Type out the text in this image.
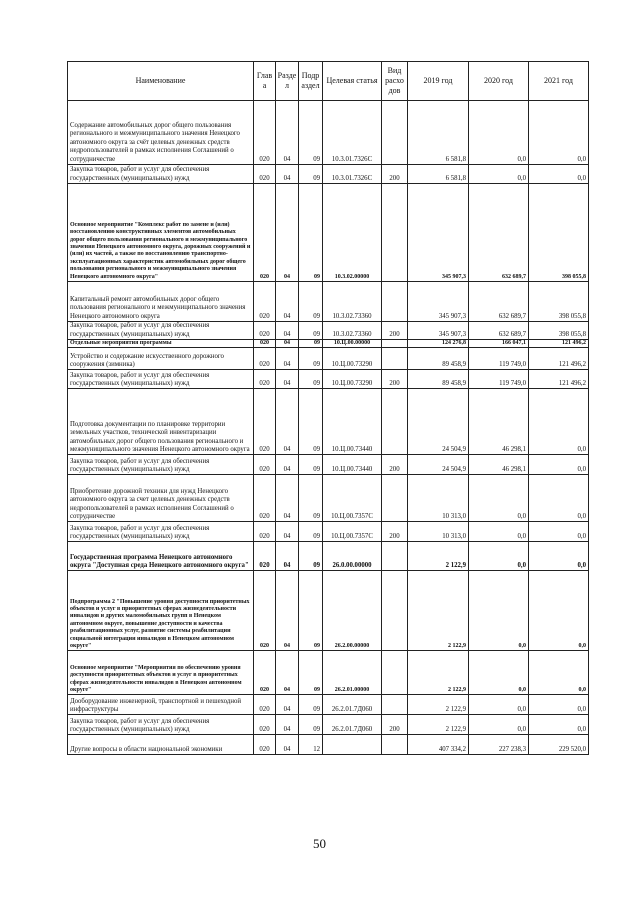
Наименование	Глав а	Разде л	Подр аздел	Целевая статья	Вид расхо дов	2019 год	2020 год	2021 год
Содержание автомобильных дорог общего пользования регионального и межмуниципального значения Ненецкого автономного округа за счёт целевых денежных средств недропользователей в рамках исполнения Соглашений о сотрудничестве	020	04	09	10.3.01.7326С		6 581,8	0,0	0,0
Закупка товаров, работ и услуг для обеспечения государственных (муниципальных) нужд	020	04	09	10.3.01.7326С	200	6 581,8	0,0	0,0
Основное мероприятие "Комплекс работ по замене и (или) восстановлению конструктивных элементов автомобильных дорог общего пользования регионального и межмуниципального значения Ненецкого автономного округа, дорожных сооружений и (или) их частей, а также по восстановлению транспортно-эксплуатационных характеристик автомобильных дорог общего пользования регионального и межмуниципального значения Ненецкого автономного округа"	020	04	09	10.3.02.00000		345 907,3	632 689,7	398 055,8
Капитальный ремонт автомобильных дорог общего пользования регионального и межмуниципального значения Ненецкого автономного округа	020	04	09	10.3.02.73360		345 907,3	632 689,7	398 055,8
Закупка товаров, работ и услуг для обеспечения государственных (муниципальных) нужд	020	04	09	10.3.02.73360	200	345 907,3	632 689,7	398 055,8
Отдельные мероприятия программы	020	04	09	10.Ц.00.00000		124 276,8	166 047,1	121 496,2
Устройство и содержание искусственного дорожного сооружения (зимника)	020	04	09	10.Ц.00.73290		89 458,9	119 749,0	121 496,2
Закупка товаров, работ и услуг для обеспечения государственных (муниципальных) нужд	020	04	09	10.Ц.00.73290	200	89 458,9	119 749,0	121 496,2
Подготовка документации по планировке территории земельных участков, технической инвентаризации автомобильных дорог общего пользования регионального и межмуниципального значения Ненецкого автономного округа	020	04	09	10.Ц.00.73440		24 504,9	46 298,1	0,0
Закупка товаров, работ и услуг для обеспечения государственных (муниципальных) нужд	020	04	09	10.Ц.00.73440	200	24 504,9	46 298,1	0,0
Приобретение дорожной техники для нужд Ненецкого автономного округа за счет целевых денежных средств недропользователей в рамках исполнения Соглашений о сотрудничестве	020	04	09	10.Ц.00.7357С		10 313,0	0,0	0,0
Закупка товаров, работ и услуг для обеспечения государственных (муниципальных) нужд	020	04	09	10.Ц.00.7357С	200	10 313,0	0,0	0,0
Государственная программа Ненецкого автономного округа "Доступная среда Ненецкого автономного округа"	020	04	09	26.0.00.00000		2 122,9	0,0	0,0
Подпрограмма 2 "Повышение уровня доступности приоритетных объектов и услуг в приоритетных сферах жизнедеятельности инвалидов и других маломобильных групп в Ненецком автономном округе, повышение доступности и качества реабилитационных услуг, развитие системы реабилитации социальной интеграции инвалидов в Ненецком автономном округе"	020	04	09	26.2.00.00000		2 122,9	0,0	0,0
Основное мероприятие "Мероприятия по обеспечению уровня доступности приоритетных объектов и услуг в приоритетных сферах жизнедеятельности инвалидов в Ненецком автономном округе"	020	04	09	26.2.01.00000		2 122,9	0,0	0,0
Дооборудование инженерной, транспортной и пешеходной инфраструктуры	020	04	09	26.2.01.7Д060		2 122,9	0,0	0,0
Закупка товаров, работ и услуг для обеспечения государственных (муниципальных) нужд	020	04	09	26.2.01.7Д060	200	2 122,9	0,0	0,0
Другие вопросы в области национальной экономики	020	04	12			407 334,2	227 238,3	229 520,0
50
